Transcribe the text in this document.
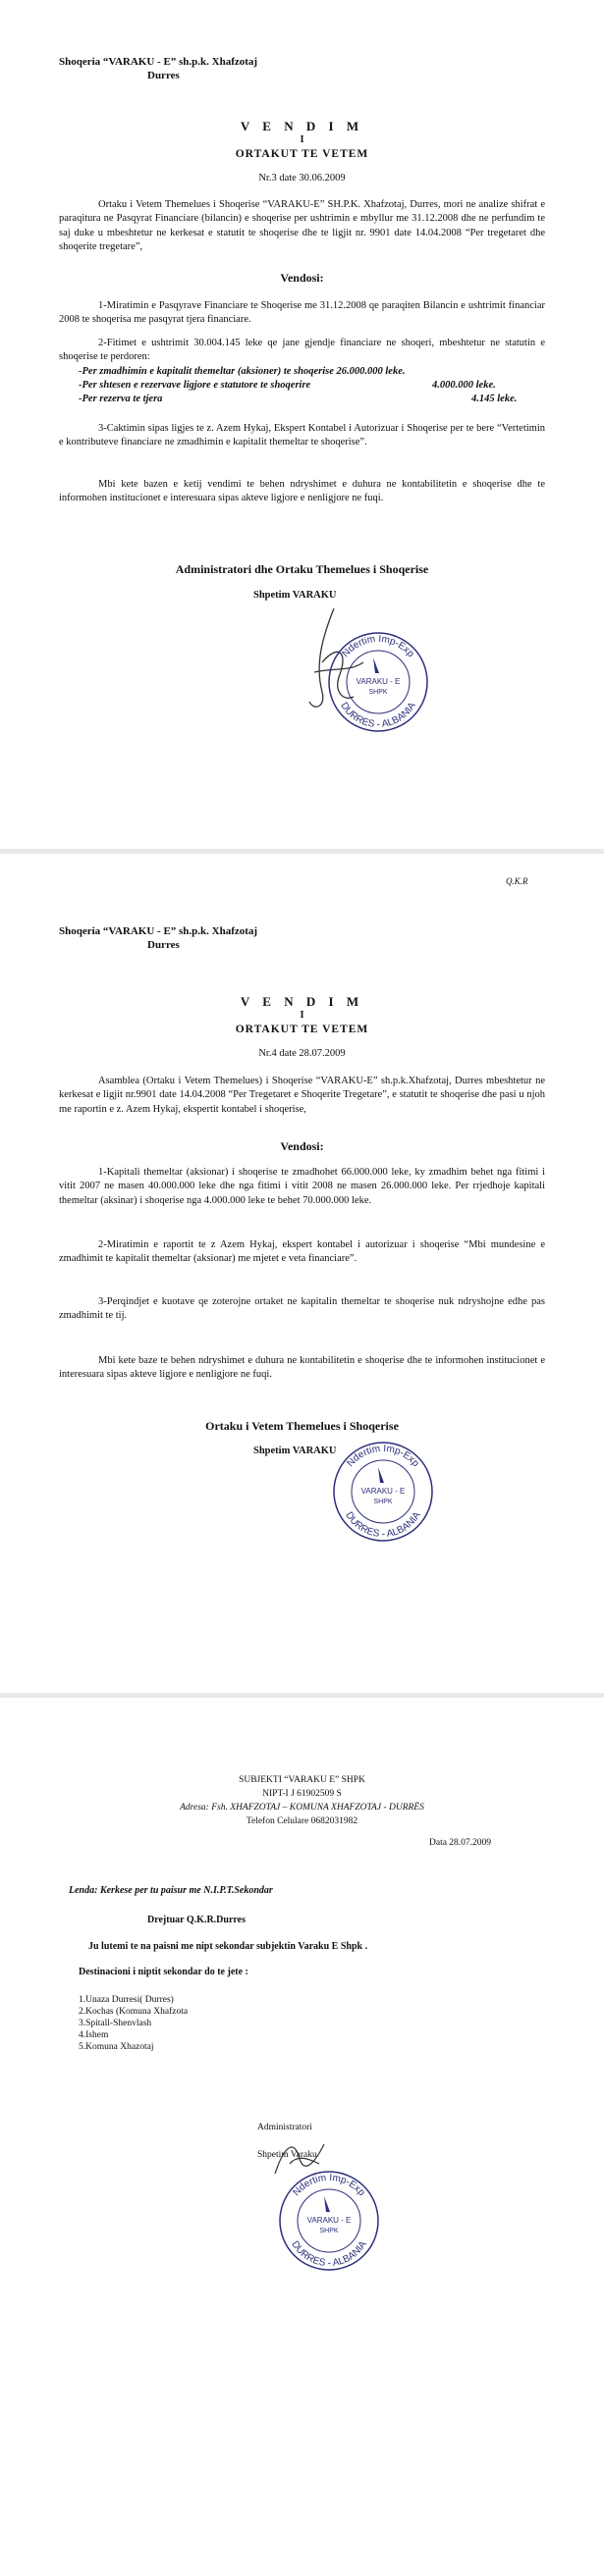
Shoqeria “VARAKU - E” sh.p.k. Xhafzotaj
Durres
V E N D I M
I
ORTAKUT TE VETEM
Nr.3 date 30.06.2009
Ortaku i Vetem Themelues i Shoqerise “VARAKU-E” SH.P.K. Xhafzotaj, Durres, mori ne analize shifrat e paraqitura ne Pasqyrat Financiare (bilancin) e shoqerise per ushtrimin e mbyllur me 31.12.2008 dhe ne perfundim te saj duke u mbeshtetur ne kerkesat e statutit te shoqerise dhe te ligjit nr. 9901 date 14.04.2008 “Per tregetaret dhe shoqerite tregetare”,
Vendosi:
1-Miratimin e Pasqyrave Financiare te Shoqerise me 31.12.2008 qe paraqiten Bilancin e ushtrimit financiar 2008 te shoqerisa me pasqyrat tjera financiare.
2-Fitimet e ushtrimit 30.004.145 leke qe jane gjendje financiare ne shoqeri, mbeshtetur ne statutin e shoqerise te perdoren:
-Per zmadhimin e kapitalit themeltar (aksioner) te shoqerise 26.000.000 leke.
-Per shtesen e rezervave ligjore e statutore te shoqerire	4.000.000 leke.
-Per rezerva te tjera	4.145 leke.
3-Caktimin sipas ligjes te z. Azem Hykaj, Ekspert Kontabel i Autorizuar i Shoqerise per te bere “Vertetimin e kontributeve financiare ne zmadhimin e kapitalit themeltar te shoqerise”.
Mbi kete bazen e ketij vendimi te behen ndryshimet e duhura ne kontabilitetin e shoqerise dhe te informohen institucionet e interesuara sipas akteve ligjore e nenligjore ne fuqi.
Administratori dhe Ortaku Themelues i Shoqerise
Shpetim VARAKU
Ndertim Imp-Exp
DURRES - ALBANIA
VARAKU - E
SHPK
Q.K.R
Shoqeria “VARAKU - E” sh.p.k. Xhafzotaj
Durres
V E N D I M
I
ORTAKUT TE VETEM
Nr.4 date 28.07.2009
Asamblea (Ortaku i Vetem Themelues) i Shoqerise “VARAKU-E” sh.p.k.Xhafzotaj, Durres mbeshtetur ne kerkesat e ligjit nr.9901 date 14.04.2008 “Per Tregetaret e Shoqerite Tregetare”, e statutit te shoqerise dhe pasi u njoh me raportin e z. Azem Hykaj, ekspertit kontabel i shoqerise,
Vendosi:
1-Kapitali themeltar (aksionar) i shoqerise te zmadhohet 66.000.000 leke, ky zmadhim behet nga fitimi i vitit 2007 ne masen 40.000.000 leke dhe nga fitimi i vitit 2008 ne masen 26.000.000 leke. Per rrjedhoje kapitali themeltar (aksinar) i shoqerise nga 4.000.000 leke te behet 70.000.000 leke.
2-Miratimin e raportit te z Azem Hykaj, ekspert kontabel i autorizuar i shoqerise “Mbi mundesine e zmadhimit te kapitalit themeltar (aksionar) me mjetet e veta financiare”.
3-Perqindjet e kuotave qe zoterojne ortaket ne kapitalin themeltar te shoqerise nuk ndryshojne edhe pas zmadhimit te tij.
Mbi kete baze te behen ndryshimet e duhura ne kontabilitetin e shoqerise dhe te informohen institucionet e interesuara sipas akteve ligjore e nenligjore ne fuqi.
Ortaku i Vetem Themelues i Shoqerise
Shpetim VARAKU
Ndertim Imp-Exp
DURRES - ALBANIA
VARAKU - E
SHPK
SUBJEKTI “VARAKU E” SHPK
NIPT-I J 61902509 S
Adresa: Fsh. XHAFZOTAJ – KOMUNA XHAFZOTAJ - DURRËS
Telefon Celulare 0682031982
Data 28.07.2009
Lenda: Kerkese per tu paisur me N.I.P.T.Sekondar
Drejtuar Q.K.R.Durres
Ju lutemi te na paisni me nipt sekondar subjektin Varaku E Shpk .
Destinacioni i niptit sekondar do te jete :
1.Unaza Durresi( Durres)
2.Kochas (Komuna Xhafzota
3.Spitall-Shenvlash
4.Ishem
5.Komuna Xhazotaj
Administratori
Shpetim Varaku
Ndertim Imp-Exp
DURRES - ALBANIA
VARAKU - E
SHPK
